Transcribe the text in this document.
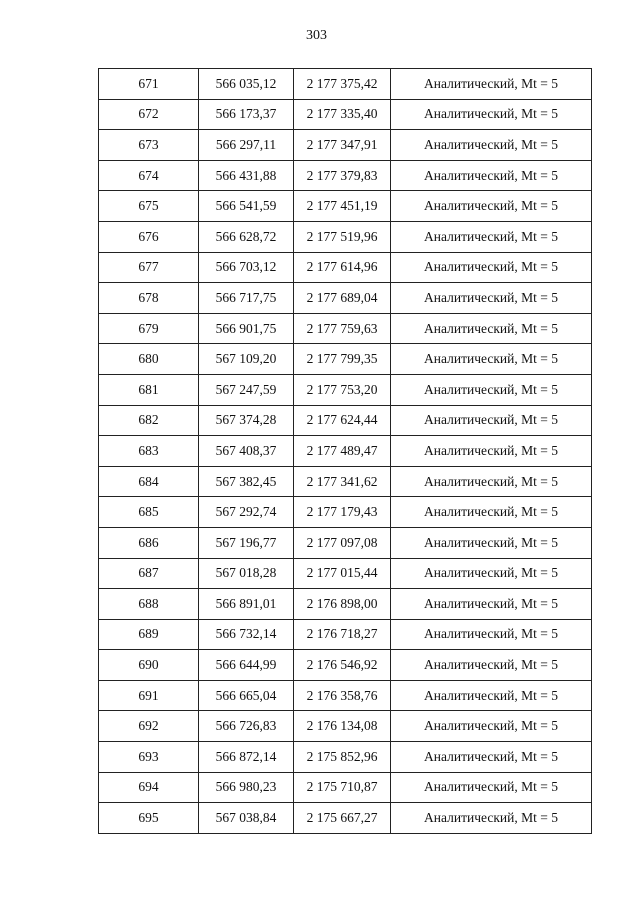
303
671	566 035,12	2 177 375,42	Аналитический, Mt = 5
672	566 173,37	2 177 335,40	Аналитический, Mt = 5
673	566 297,11	2 177 347,91	Аналитический, Mt = 5
674	566 431,88	2 177 379,83	Аналитический, Mt = 5
675	566 541,59	2 177 451,19	Аналитический, Mt = 5
676	566 628,72	2 177 519,96	Аналитический, Mt = 5
677	566 703,12	2 177 614,96	Аналитический, Mt = 5
678	566 717,75	2 177 689,04	Аналитический, Mt = 5
679	566 901,75	2 177 759,63	Аналитический, Mt = 5
680	567 109,20	2 177 799,35	Аналитический, Mt = 5
681	567 247,59	2 177 753,20	Аналитический, Mt = 5
682	567 374,28	2 177 624,44	Аналитический, Mt = 5
683	567 408,37	2 177 489,47	Аналитический, Mt = 5
684	567 382,45	2 177 341,62	Аналитический, Mt = 5
685	567 292,74	2 177 179,43	Аналитический, Mt = 5
686	567 196,77	2 177 097,08	Аналитический, Mt = 5
687	567 018,28	2 177 015,44	Аналитический, Mt = 5
688	566 891,01	2 176 898,00	Аналитический, Mt = 5
689	566 732,14	2 176 718,27	Аналитический, Mt = 5
690	566 644,99	2 176 546,92	Аналитический, Mt = 5
691	566 665,04	2 176 358,76	Аналитический, Mt = 5
692	566 726,83	2 176 134,08	Аналитический, Mt = 5
693	566 872,14	2 175 852,96	Аналитический, Mt = 5
694	566 980,23	2 175 710,87	Аналитический, Mt = 5
695	567 038,84	2 175 667,27	Аналитический, Mt = 5
